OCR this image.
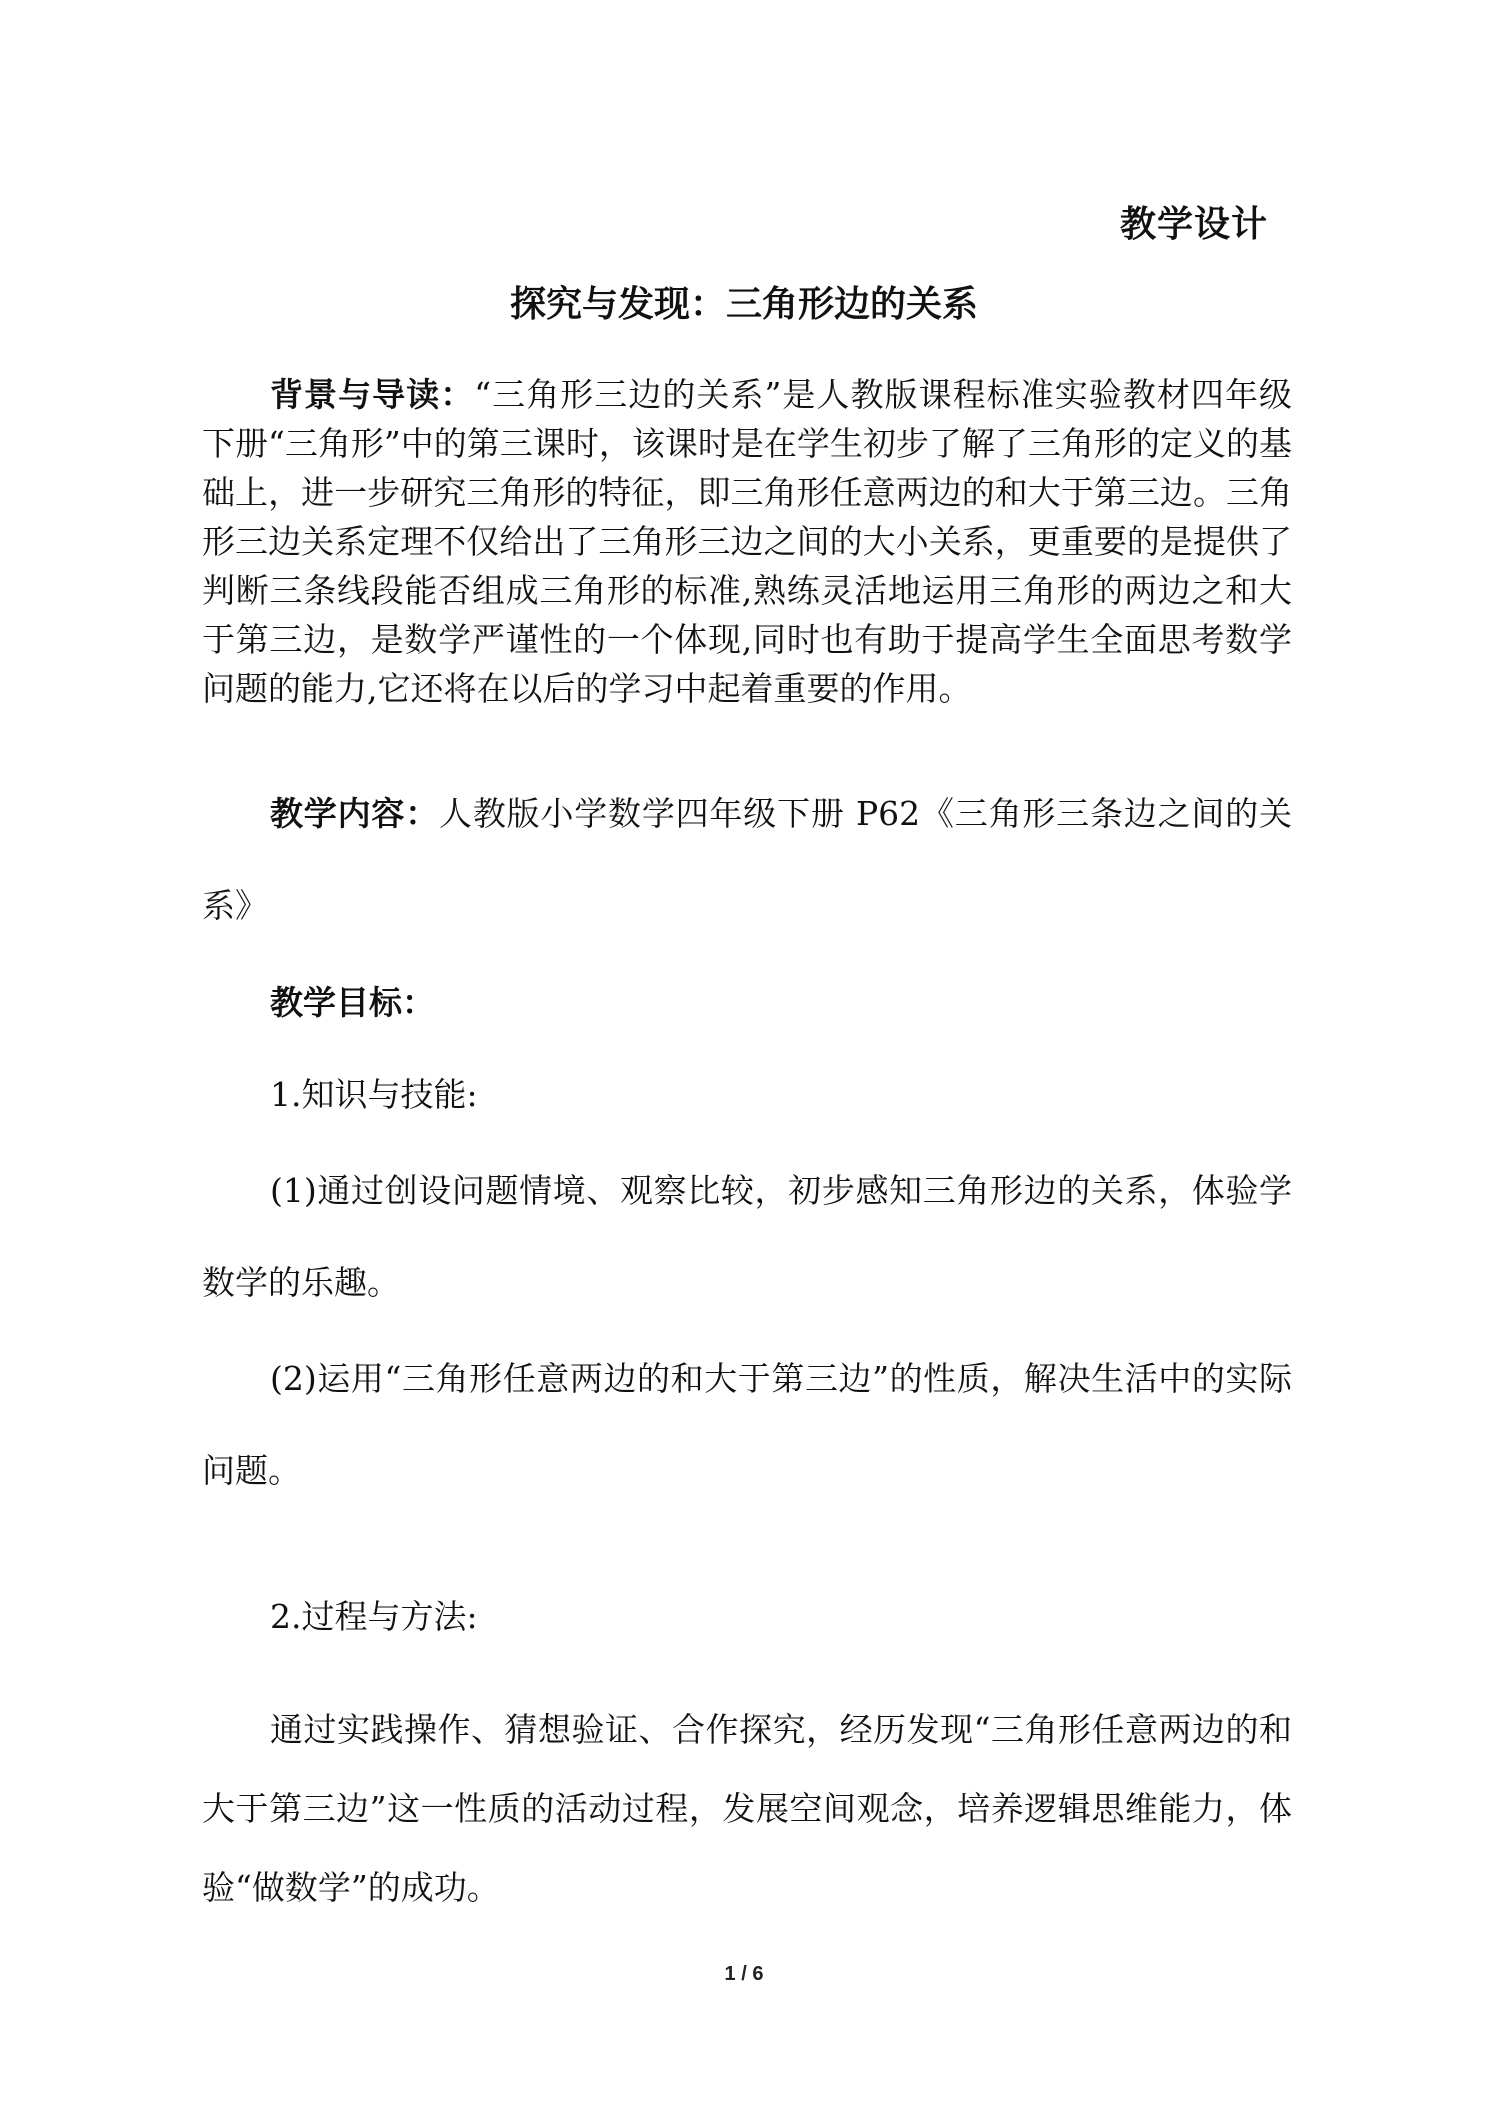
教学设计
探究与发现：三角形边的关系

背景与导读：“三角形三边的关系”是人教版课程标准实验教材四年级下册“三角形”中的第三课时，该课时是在学生初步了解了三角形的定义的基础上，进一步研究三角形的特征，即三角形任意两边的和大于第三边。三角形三边关系定理不仅给出了三角形三边之间的大小关系，更重要的是提供了判断三条线段能否组成三角形的标准,熟练灵活地运用三角形的两边之和大于第三边，是数学严谨性的一个体现,同时也有助于提高学生全面思考数学问题的能力,它还将在以后的学习中起着重要的作用。

教学内容：人教版小学数学四年级下册 P62《三角形三条边之间的关系》

教学目标：
1.知识与技能:

(1)通过创设问题情境、观察比较，初步感知三角形边的关系，体验学数学的乐趣。

(2)运用“三角形任意两边的和大于第三边”的性质，解决生活中的实际问题。

2.过程与方法:

通过实践操作、猜想验证、合作探究，经历发现“三角形任意两边的和大于第三边”这一性质的活动过程，发展空间观念，培养逻辑思维能力，体验“做数学”的成功。

1 / 6
